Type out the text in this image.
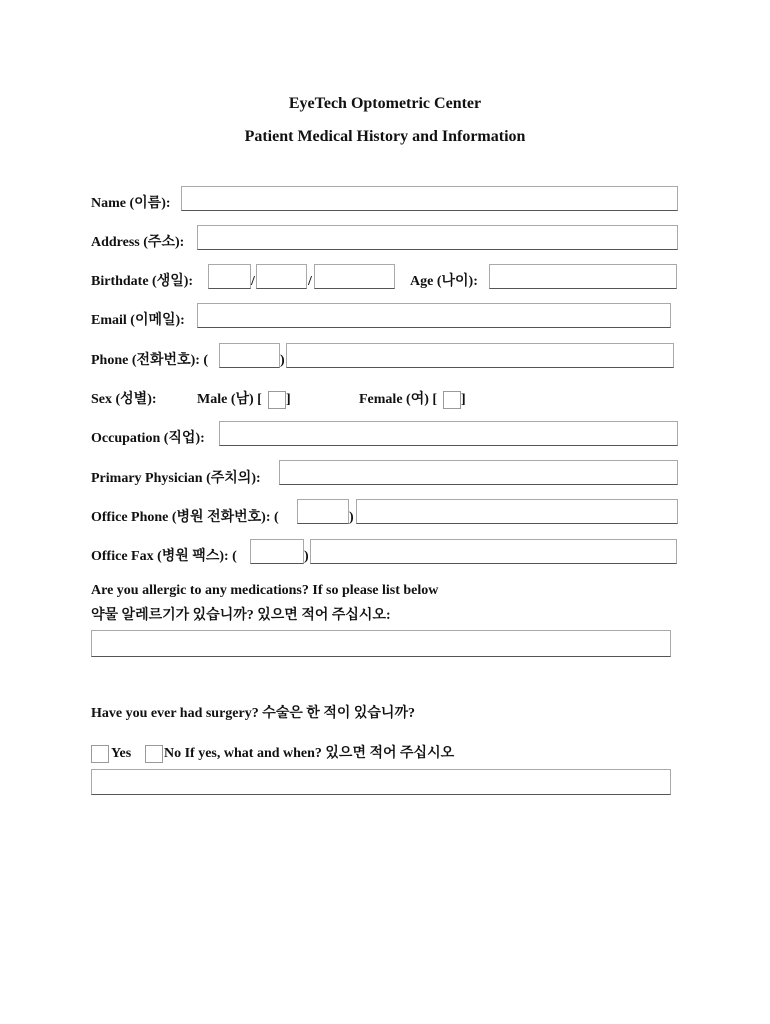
EyeTech Optometric Center
Patient Medical History and Information
Name (이름):
Address (주소):
Birthdate (생일):	/	/	Age (나이):
Email (이메일):
Phone (전화번호): (	)
Sex (성별):	Male (남) [ ]	Female (여) [ ]
Occupation (직업):
Primary Physician (주치의):
Office Phone (병원 전화번호): (	)
Office Fax (병원 팩스): (	)
Are you allergic to any medications? If so please list below
약물 알레르기가 있습니까? 있으면 적어 주십시오:
Have you ever had surgery? 수술은 한 적이 있습니까?
Yes No If yes, what and when? 있으면 적어 주십시오
